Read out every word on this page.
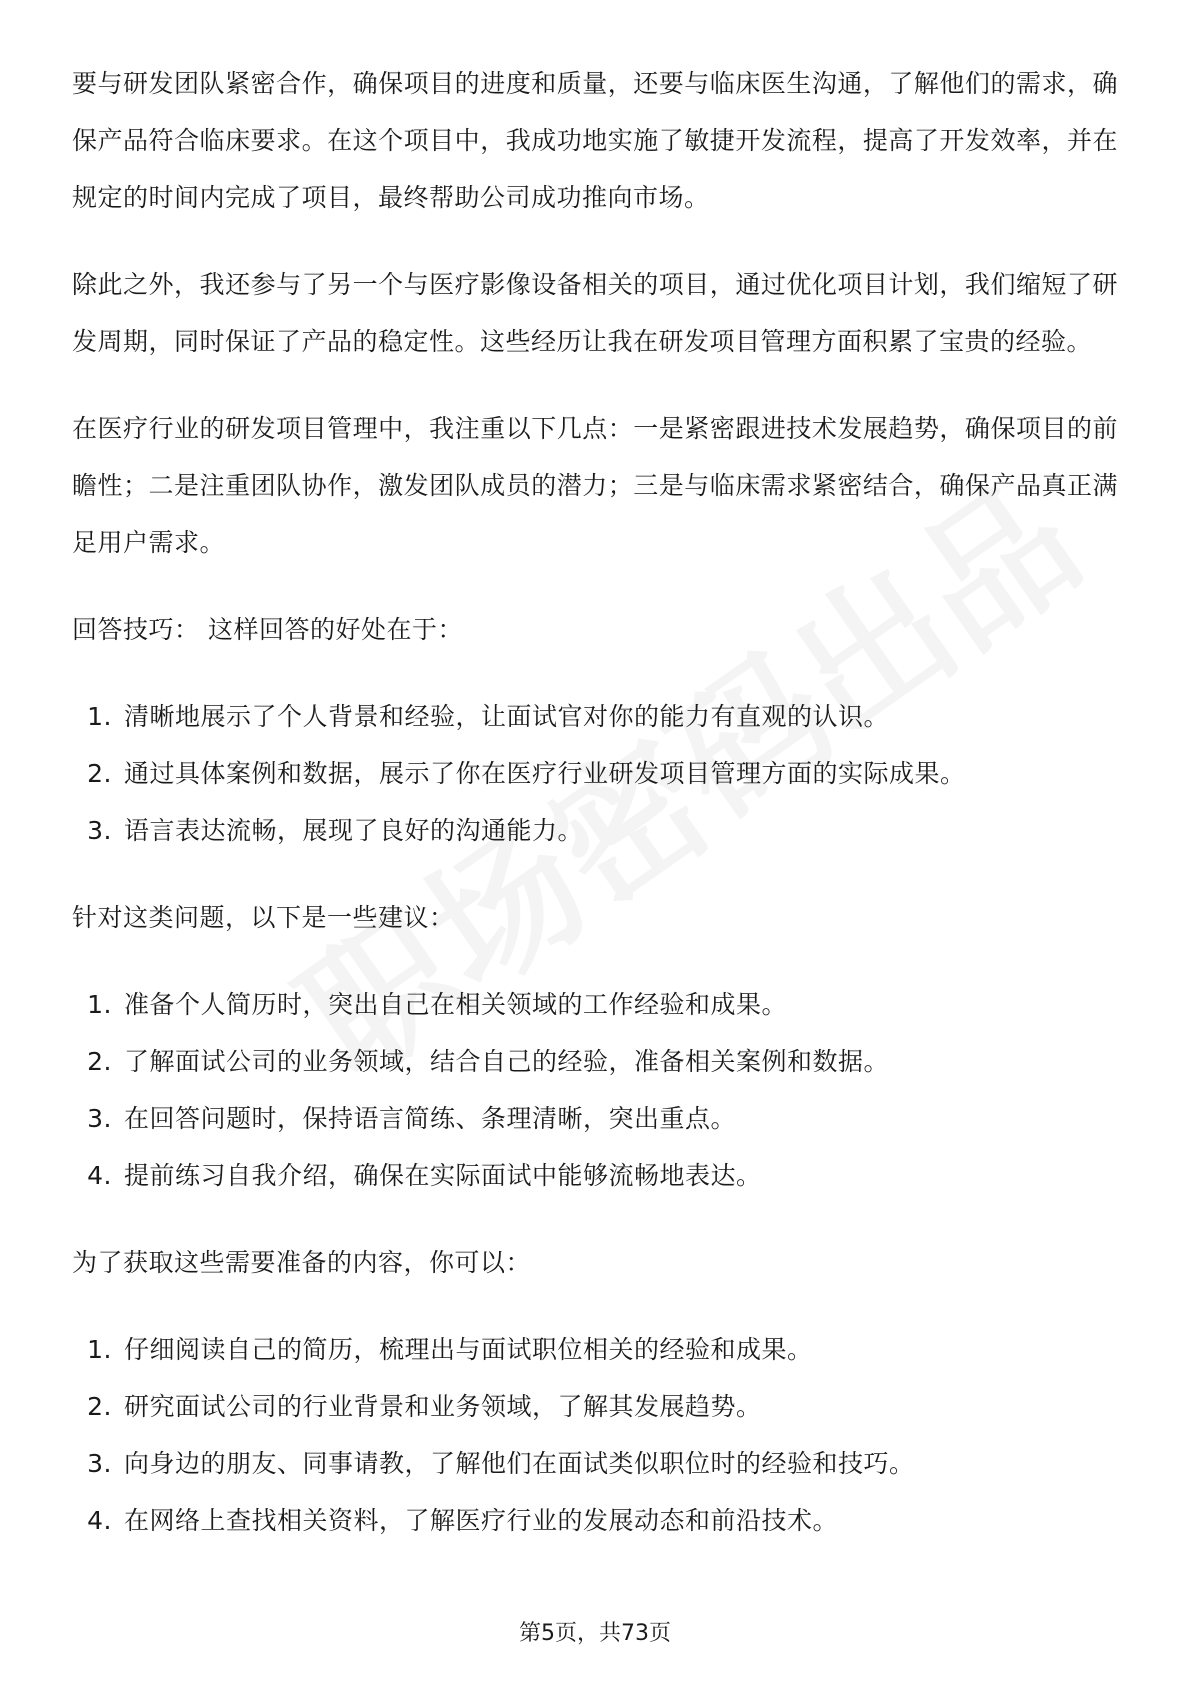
要与研发团队紧密合作，确保项目的进度和质量，还要与临床医生沟通，了解他们的需求，确保产品符合临床要求。在这个项目中，我成功地实施了敏捷开发流程，提高了开发效率，并在规定的时间内完成了项目，最终帮助公司成功推向市场。

除此之外，我还参与了另一个与医疗影像设备相关的项目，通过优化项目计划，我们缩短了研发周期，同时保证了产品的稳定性。这些经历让我在研发项目管理方面积累了宝贵的经验。

在医疗行业的研发项目管理中，我注重以下几点：一是紧密跟进技术发展趋势，确保项目的前瞻性；二是注重团队协作，激发团队成员的潜力；三是与临床需求紧密结合，确保产品真正满足用户需求。

回答技巧： 这样回答的好处在于：

1. 清晰地展示了个人背景和经验，让面试官对你的能力有直观的认识。
2. 通过具体案例和数据，展示了你在医疗行业研发项目管理方面的实际成果。
3. 语言表达流畅，展现了良好的沟通能力。

针对这类问题，以下是一些建议：

1. 准备个人简历时，突出自己在相关领域的工作经验和成果。
2. 了解面试公司的业务领域，结合自己的经验，准备相关案例和数据。
3. 在回答问题时，保持语言简练、条理清晰，突出重点。
4. 提前练习自我介绍，确保在实际面试中能够流畅地表达。

为了获取这些需要准备的内容，你可以：

1. 仔细阅读自己的简历，梳理出与面试职位相关的经验和成果。
2. 研究面试公司的行业背景和业务领域，了解其发展趋势。
3. 向身边的朋友、同事请教，了解他们在面试类似职位时的经验和技巧。
4. 在网络上查找相关资料，了解医疗行业的发展动态和前沿技术。
第5页，共73页
